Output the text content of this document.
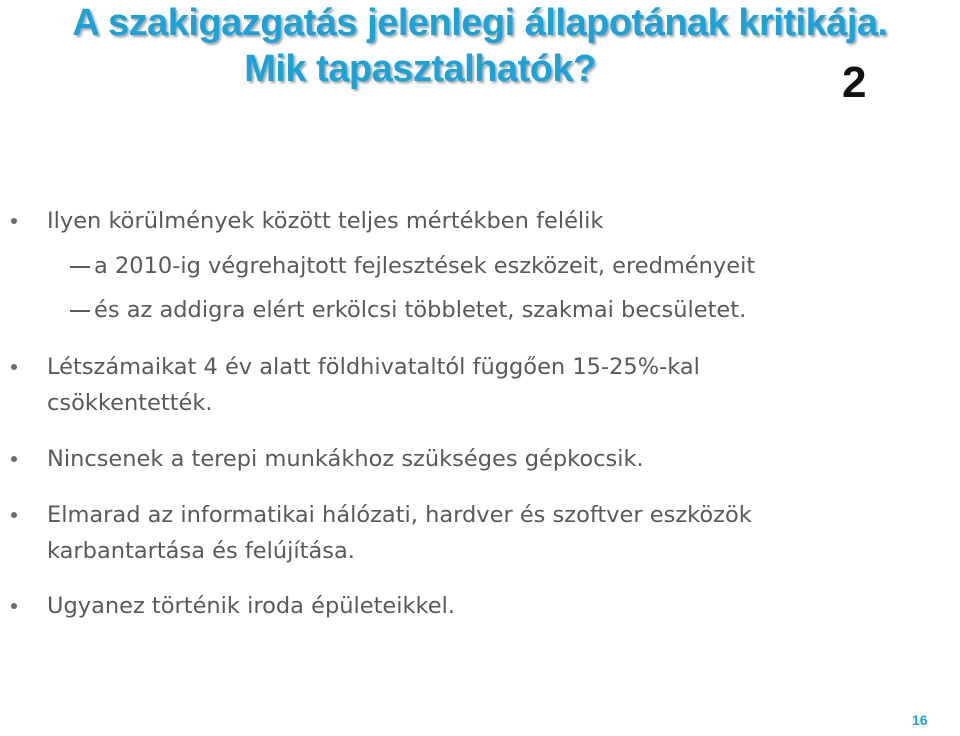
A szakigazgatás jelenlegi állapotának kritikája.
Mik tapasztalhatók?	2
Ilyen körülmények között teljes mértékben felélik
a 2010-ig végrehajtott fejlesztések eszközeit, eredményeit
és az addigra elért erkölcsi többletet, szakmai becsületet.
Létszámaikat 4 év alatt földhivataltól függően 15-25%-kal
csökkentették.
Nincsenek a terepi munkákhoz szükséges gépkocsik.
Elmarad az informatikai hálózati, hardver és szoftver eszközök
karbantartása és felújítása.
Ugyanez történik iroda épületeikkel.
16
